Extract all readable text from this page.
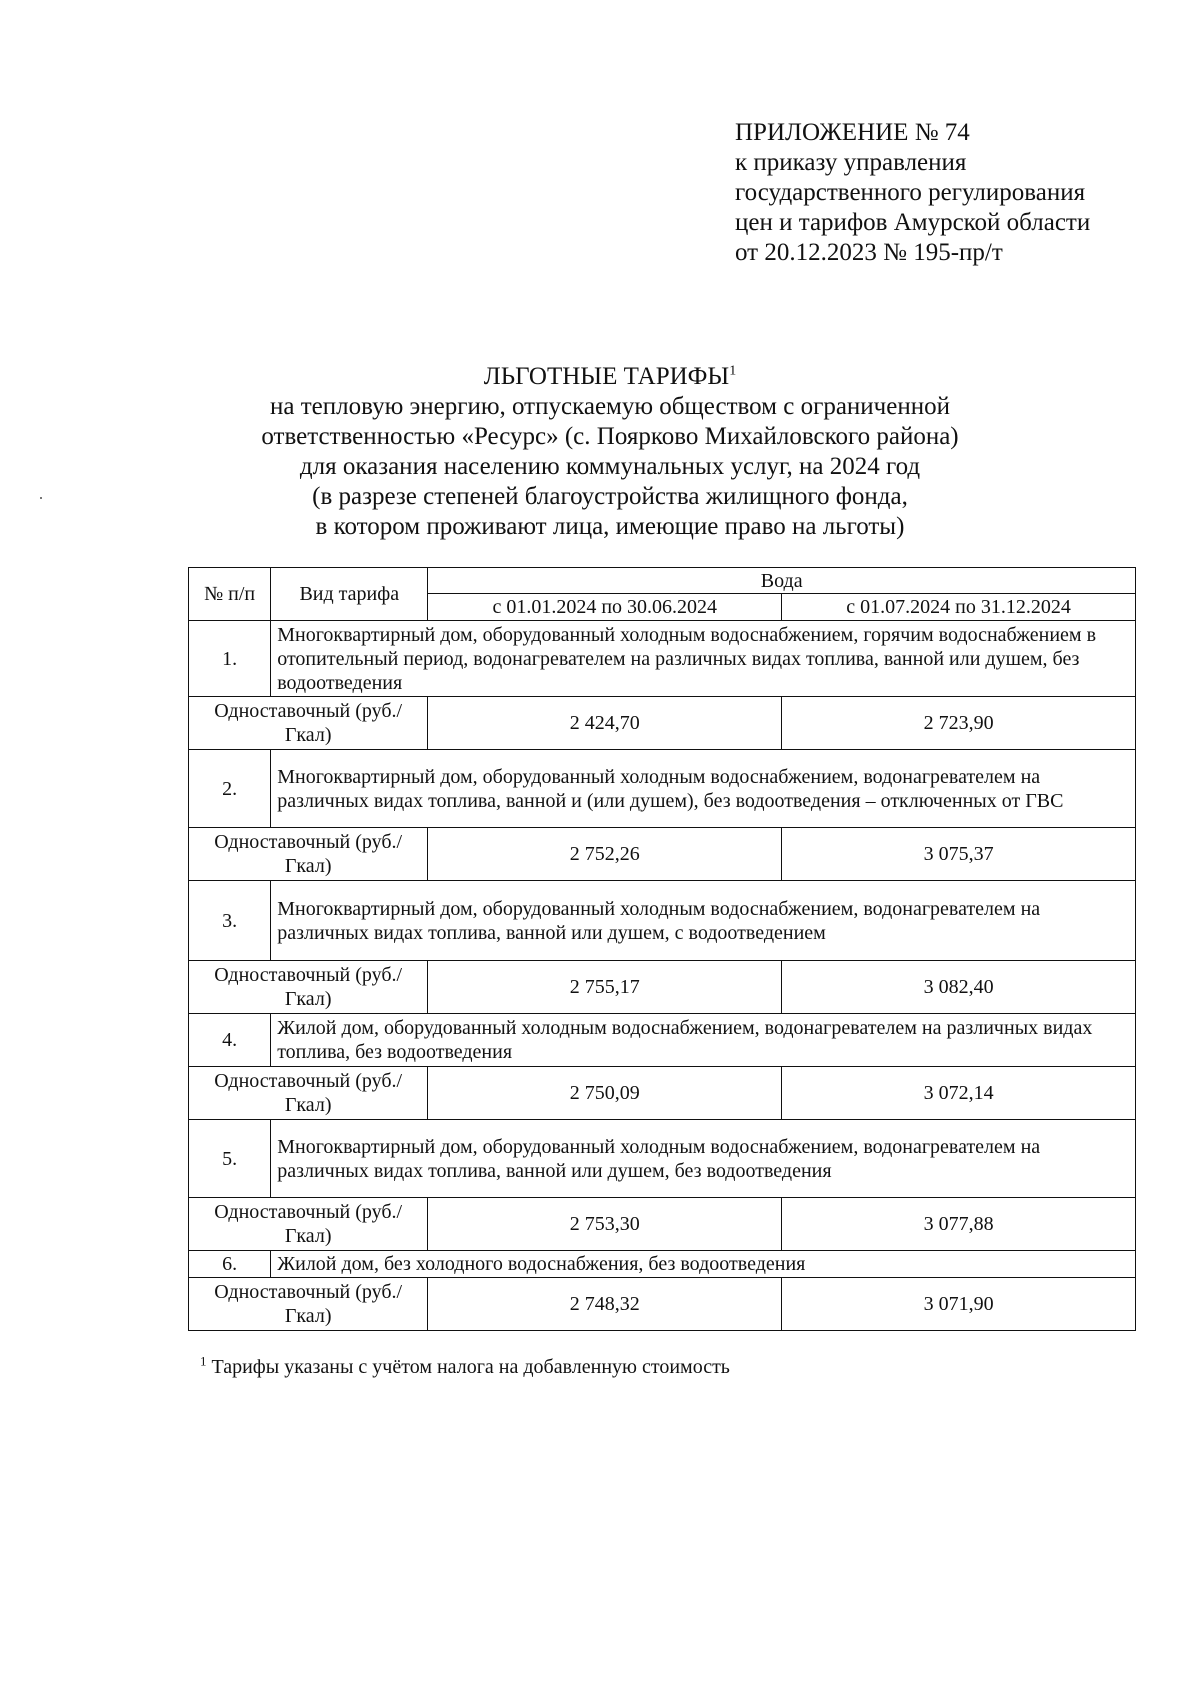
ПРИЛОЖЕНИЕ № 74
к приказу управления
государственного регулирования
цен и тарифов Амурской области
от 20.12.2023 № 195-пр/т
ЛЬГОТНЫЕ ТАРИФЫ$^1$
на тепловую энергию, отпускаемую обществом с ограниченной
ответственностью «Ресурс» (с. Поярково Михайловского района)
для оказания населению коммунальных услуг, на 2024 год
(в разрезе степеней благоустройства жилищного фонда,
в котором проживают лица, имеющие право на льготы)
№ п/п	Вид тарифа	Вода	
		с 01.01.2024 по 30.06.2024	с 01.07.2024 по 31.12.2024
1.	Многоквартирный дом, оборудованный холодным водоснабжением, горячим водоснабжением в отопительный период, водонагревателем на различных видах топлива, ванной или душем, без водоотведения		
Одноставочный (руб./Гкал)		2 424,70	2 723,90
2.	Многоквартирный дом, оборудованный холодным водоснабжением, водонагревателем на различных видах топлива, ванной и (или душем), без водоотведения – отключенных от ГВС		
Одноставочный (руб./Гкал)		2 752,26	3 075,37
3.	Многоквартирный дом, оборудованный холодным водоснабжением, водонагревателем на различных видах топлива, ванной или душем, с водоотведением		
Одноставочный (руб./Гкал)		2 755,17	3 082,40
4.	Жилой дом, оборудованный холодным водоснабжением, водонагревателем на различных видах топлива, без водоотведения		
Одноставочный (руб./Гкал)		2 750,09	3 072,14
5.	Многоквартирный дом, оборудованный холодным водоснабжением, водонагревателем на различных видах топлива, ванной или душем, без водоотведения		
Одноставочный (руб./Гкал)		2 753,30	3 077,88
6.	Жилой дом, без холодного водоснабжения, без водоотведения		
Одноставочный (руб./Гкал)		2 748,32	3 071,90
$^1$ Тарифы указаны с учётом налога на добавленную стоимость
